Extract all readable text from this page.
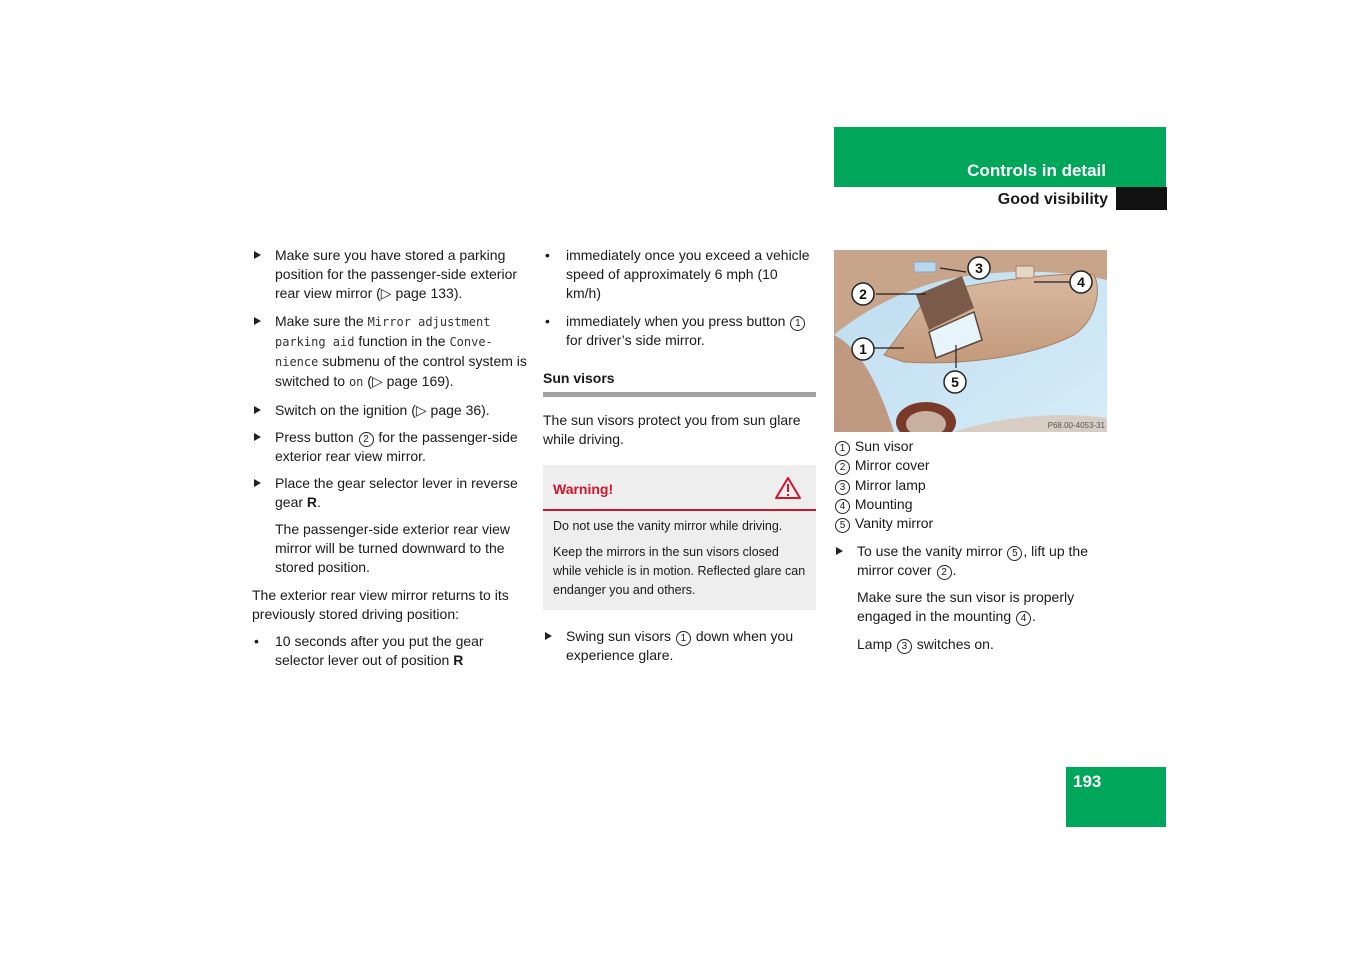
Controls in detail
Good visibility

Make sure you have stored a parking position for the passenger-side exterior rear view mirror (▷ page 133).

Make sure the Mirror adjustment parking aid function in the Conve-nience submenu of the control system is switched to on (▷ page 169).

Switch on the ignition (▷ page 36).

Press button 2 for the passenger-side exterior rear view mirror.

Place the gear selector lever in reverse gear R.

The passenger-side exterior rear view mirror will be turned downward to the stored position.

The exterior rear view mirror returns to its previously stored driving position:

• 10 seconds after you put the gear selector lever out of position R

• immediately once you exceed a vehicle speed of approximately 6 mph (10 km/h)

• immediately when you press button 1 for driver’s side mirror.

Sun visors

The sun visors protect you from sun glare while driving.

Warning!

Do not use the vanity mirror while driving.

Keep the mirrors in the sun visors closed while vehicle is in motion. Reflected glare can endanger you and others.

Swing sun visors 1 down when you experience glare.

1
2
3
4
5
P68.00-4053-31
1 Sun visor
2 Mirror cover
3 Mirror lamp
4 Mounting
5 Vanity mirror

To use the vanity mirror 5 , lift up the mirror cover 2 .

Make sure the sun visor is properly engaged in the mounting 4 .

Lamp 3 switches on.

193
